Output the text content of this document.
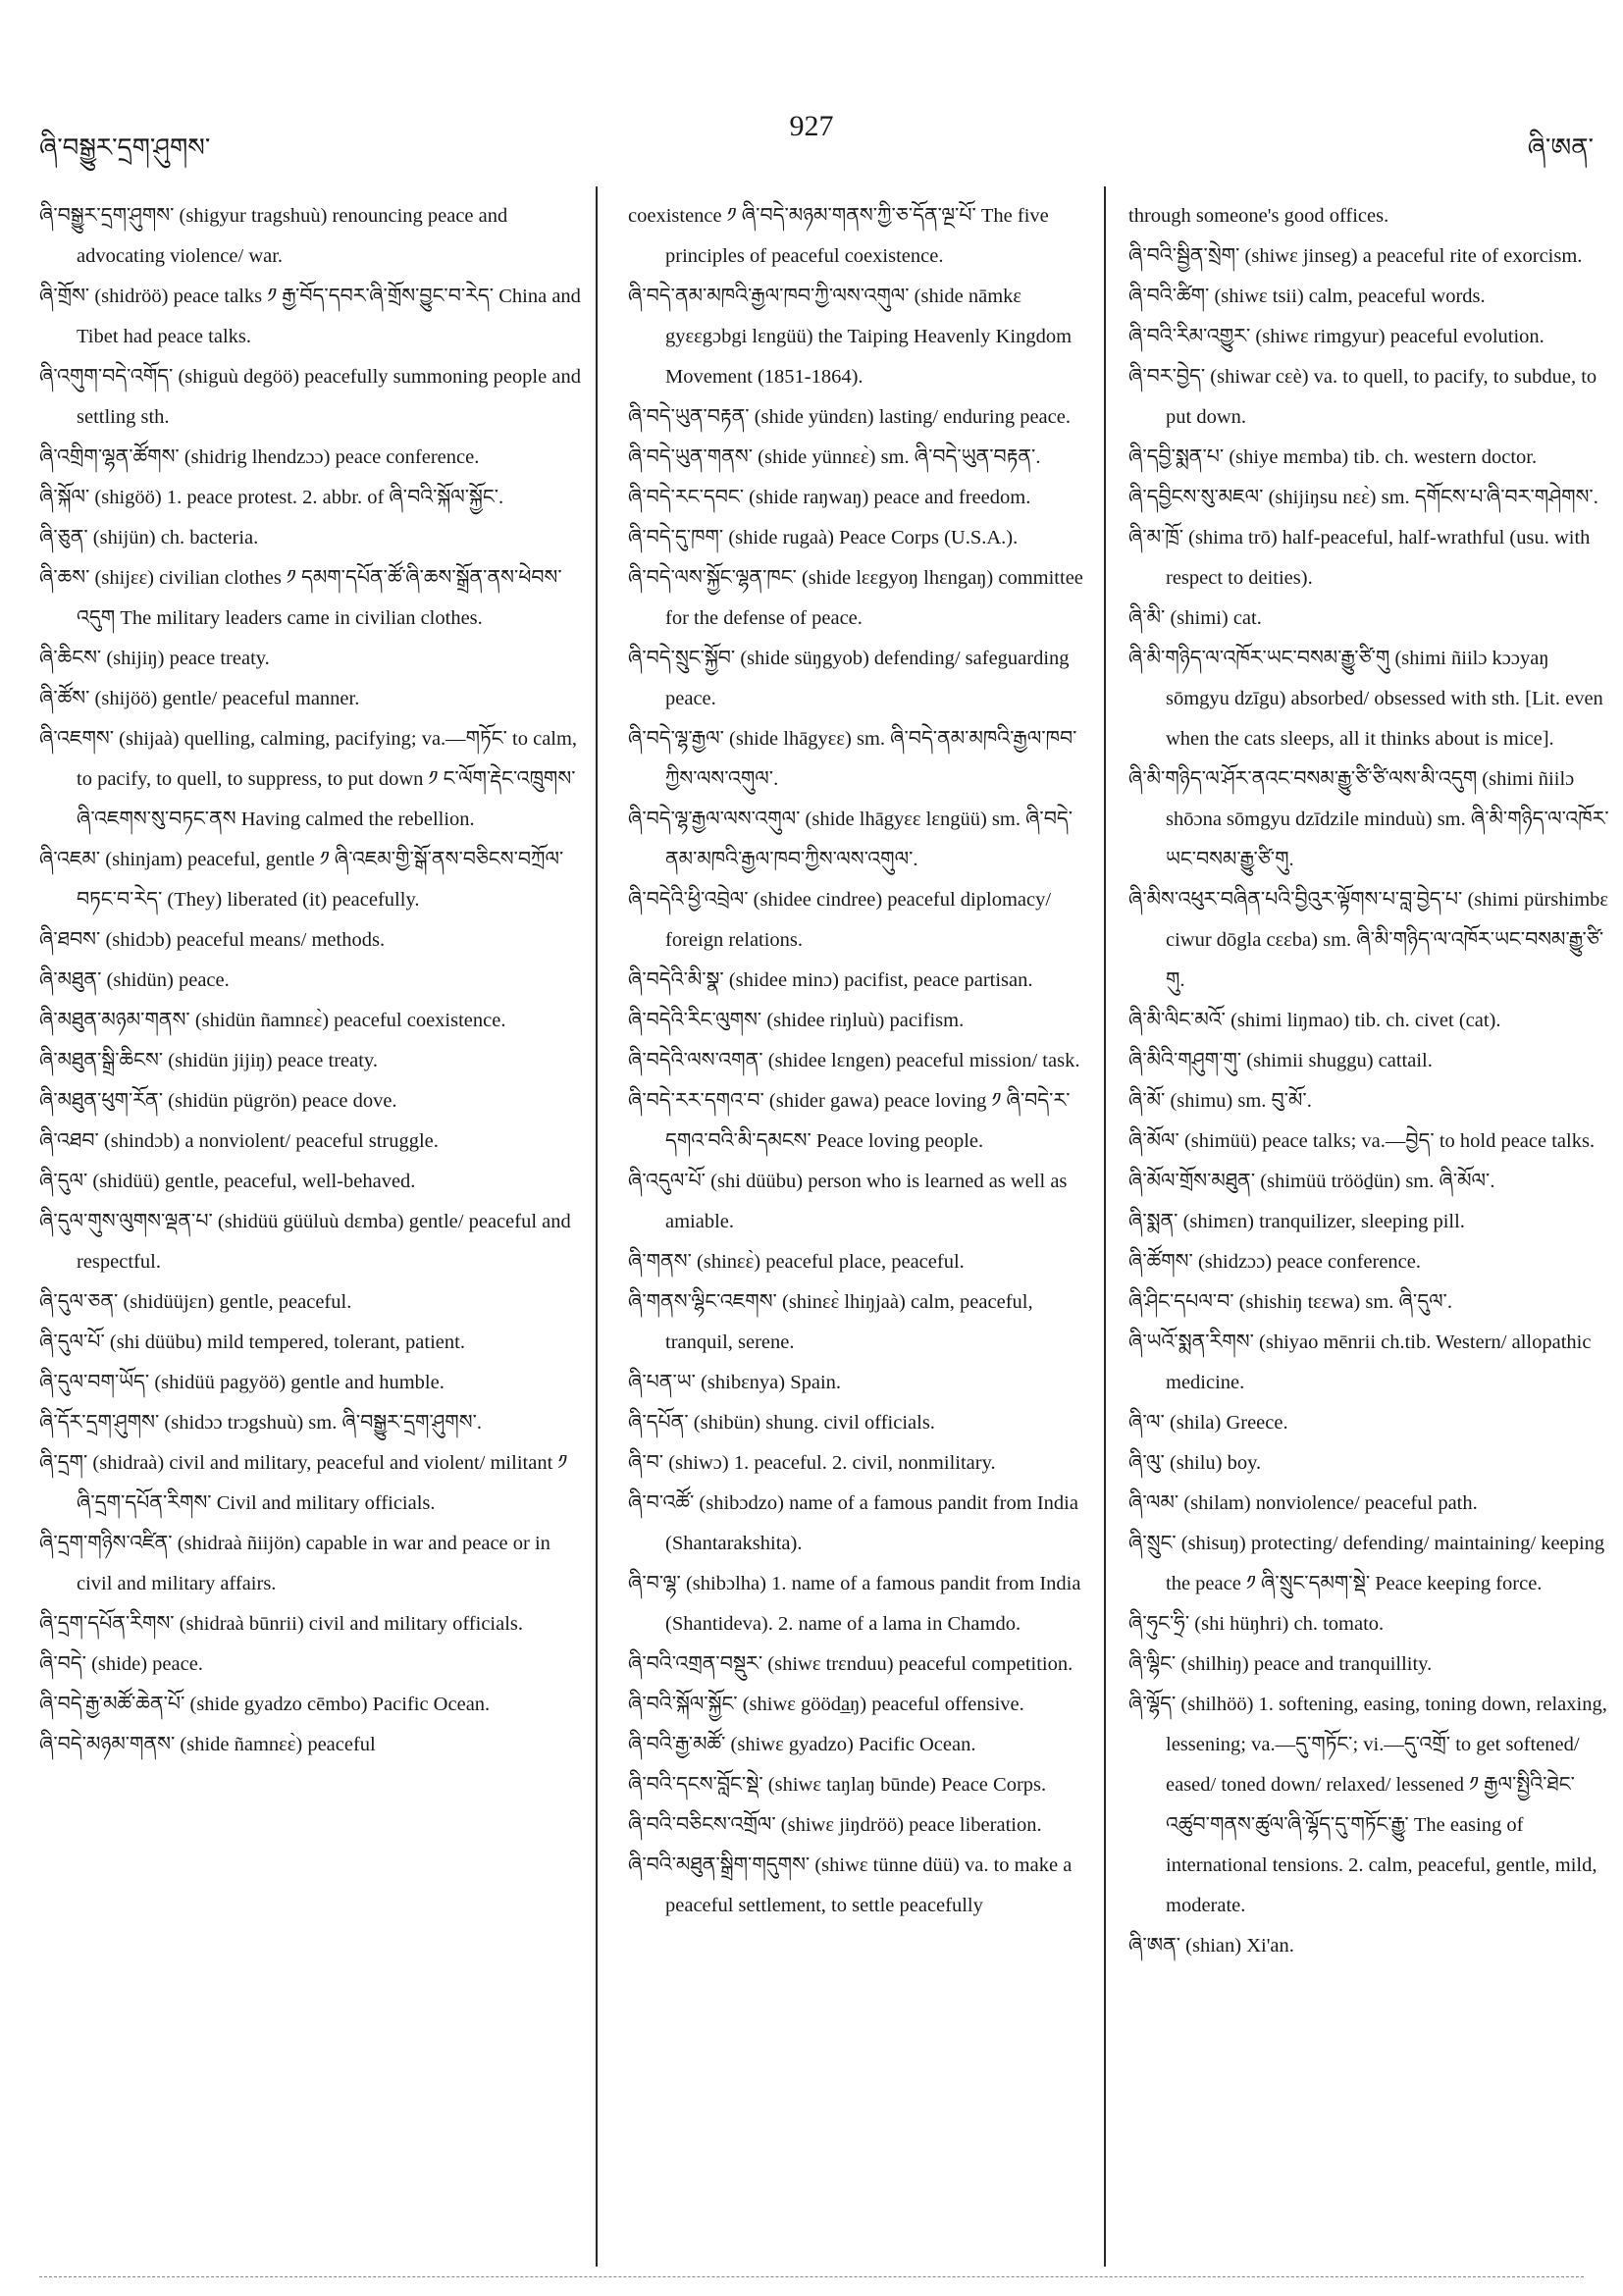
ཞི་བསྒྱུར་དྲག་ཤུགས་
927
ཞི་ཨན་

ཞི་བསྒྱུར་དྲག་ཤུགས་ (shigyur tragshuù) renouncing peace and advocating violence/ war.

ཞི་གྲོས་ (shidröö) peace talks ༡ རྒྱ་བོད་དབར་ཞི་གྲོས་བྱུང་བ་རེད་ China and Tibet had peace talks.

ཞི་འགུག་བདེ་འགོད་ (shiguù degöö) peacefully summoning people and settling sth.

ཞི་འགྲིག་ལྷན་ཚོགས་ (shidrig lhendzɔɔ) peace conference.

ཞི་སྐོལ་ (shigöö) 1. peace protest. 2. abbr. of ཞི་བའི་སྐོལ་སྐྱོང་.

ཞི་ཅུན་ (shijün) ch. bacteria.

ཞི་ཆས་ (shijɛɛ) civilian clothes ༡ དམག་དཔོན་ཚོ་ཞི་ཆས་སྒྲོན་ནས་ཕེབས་འདུག The military leaders came in civilian clothes.

ཞི་ཆིངས་ (shijiŋ) peace treaty.

ཞི་ཚོས་ (shijöö) gentle/ peaceful manner.

ཞི་འཇགས་ (shijaà) quelling, calming, pacifying; va.—གཏོང་ to calm, to pacify, to quell, to suppress, to put down ༡ ང་ལོག་རྡེང་འཁྲུགས་ཞི་འཇགས་སུ་བཏང་ནས Having calmed the rebellion.

ཞི་འཇམ་ (shinjam) peaceful, gentle ༡ ཞི་འཇམ་གྱི་སྒོ་ནས་བཅིངས་བཀྲོལ་བཏང་བ་རེད་ (They) liberated (it) peacefully.

ཞི་ཐབས་ (shidɔb) peaceful means/ methods.

ཞི་མཐུན་ (shidün) peace.

ཞི་མཐུན་མཉམ་གནས་ (shidün ñamnɛɛ̀) peaceful coexistence.

ཞི་མཐུན་སྒྲི་ཆིངས་ (shidün jijiŋ) peace treaty.

ཞི་མཐུན་ཕུག་རོན་ (shidün pügrön) peace dove.

ཞི་འཐབ་ (shindɔb) a nonviolent/ peaceful struggle.

ཞི་དུལ་ (shidüü) gentle, peaceful, well-behaved.

ཞི་དུལ་གུས་ལུགས་ལྡན་པ་ (shidüü güüluù dɛmba) gentle/ peaceful and respectful.

ཞི་དུལ་ཅན་ (shidüüjɛn) gentle, peaceful.

ཞི་དུལ་པོ་ (shi düübu) mild tempered, tolerant, patient.

ཞི་དུལ་བག་ཡོད་ (shidüü pagyöö) gentle and humble.

ཞི་དོར་དྲག་ཤུགས་ (shidɔɔ trɔgshuù) sm. ཞི་བསྒྱུར་དྲག་ཤུགས་.

ཞི་དྲག་ (shidraà) civil and military, peaceful and violent/ militant ༡ ཞི་དྲག་དཔོན་རིགས་ Civil and military officials.

ཞི་དྲག་གཉིས་འཛིན་ (shidraà ñiijön) capable in war and peace or in civil and military affairs.

ཞི་དྲག་དཔོན་རིགས་ (shidraà būnrii) civil and military officials.

ཞི་བདེ་ (shide) peace.

ཞི་བདེ་རྒྱ་མཚོ་ཆེན་པོ་ (shide gyadzo cēmbo) Pacific Ocean.

ཞི་བདེ་མཉམ་གནས་ (shide ñamnɛɛ̀) peaceful

coexistence ༡ ཞི་བདེ་མཉམ་གནས་ཀྱི་ཅ་དོན་ལྔ་པོ་ The five principles of peaceful coexistence.

ཞི་བདེ་ནམ་མཁའི་རྒྱལ་ཁབ་ཀྱི་ལས་འགུལ་ (shide nāmkɛ gyɛɛgɔbgi lɛngüü) the Taiping Heavenly Kingdom Movement (1851-1864).

ཞི་བདེ་ཡུན་བརྟན་ (shide yündɛn) lasting/ enduring peace.

ཞི་བདེ་ཡུན་གནས་ (shide yünnɛɛ̀) sm. ཞི་བདེ་ཡུན་བརྟན་.

ཞི་བདེ་རང་དབང་ (shide raŋwaŋ) peace and freedom.

ཞི་བདེ་དུ་ཁག་ (shide rugaà) Peace Corps (U.S.A.).

ཞི་བདེ་ལས་སྐྱོང་ལྷན་ཁང་ (shide lɛɛgyoŋ lhɛngaŋ) committee for the defense of peace.

ཞི་བདེ་སྲུང་སྐྱོབ་ (shide süŋgyob) defending/ safeguarding peace.

ཞི་བདེ་ལྷ་རྒྱལ་ (shide lhāgyɛɛ) sm. ཞི་བདེ་ནམ་མཁའི་རྒྱལ་ཁབ་ཀྱིས་ལས་འགུལ་.

ཞི་བདེ་ལྷ་རྒྱལ་ལས་འགུལ་ (shide lhāgyɛɛ lɛngüü) sm. ཞི་བདེ་ནམ་མཁའི་རྒྱལ་ཁབ་ཀྱིས་ལས་འགུལ་.

ཞི་བདེའི་ཕྱི་འབྲེལ་ (shidee cindree) peaceful diplomacy/ foreign relations.

ཞི་བདེའི་མི་སྣ་ (shidee minɔ) pacifist, peace partisan.

ཞི་བདེའི་རིང་ལུགས་ (shidee riŋluù) pacifism.

ཞི་བདེའི་ལས་འགན་ (shidee lɛngen) peaceful mission/ task.

ཞི་བདེ་རར་དགའ་བ་ (shider gawa) peace loving ༡ ཞི་བདེ་ར་དགའ་བའི་མི་དམངས་ Peace loving people.

ཞི་འདུལ་པོ་ (shi düübu) person who is learned as well as amiable.

ཞི་གནས་ (shinɛɛ̀) peaceful place, peaceful.

ཞི་གནས་ལྷིང་འཇགས་ (shinɛɛ̀ lhiŋjaà) calm, peaceful, tranquil, serene.

ཞི་པན་ཡ་ (shibɛnya) Spain.

ཞི་དཔོན་ (shibün) shung. civil officials.

ཞི་བ་ (shiwɔ) 1. peaceful. 2. civil, nonmilitary.

ཞི་བ་འཚོ་ (shibɔdzo) name of a famous pandit from India (Shantarakshita).

ཞི་བ་ལྷ་ (shibɔlha) 1. name of a famous pandit from India (Shantideva). 2. name of a lama in Chamdo.

ཞི་བའི་འགྲན་བསྡུར་ (shiwɛ trɛnduu) peaceful competition.

ཞི་བའི་སྐོལ་སྐྱོང་ (shiwɛ gööda̲ŋ) peaceful offensive.

ཞི་བའི་རྒྱ་མཚོ་ (shiwɛ gyadzo) Pacific Ocean.

ཞི་བའི་དངས་བློང་སྡེ་ (shiwɛ taŋlaŋ būnde) Peace Corps.

ཞི་བའི་བཅིངས་འགྲོལ་ (shiwɛ jiŋdröö) peace liberation.

ཞི་བའི་མཐུན་སྒྲིག་གདུགས་ (shiwɛ tünne düü) va. to make a peaceful settlement, to settle peacefully

through someone's good offices.

ཞི་བའི་སྦྱིན་སྲེག་ (shiwɛ jinseg) a peaceful rite of exorcism.

ཞི་བའི་ཚིག་ (shiwɛ tsii) calm, peaceful words.

ཞི་བའི་རིམ་འགྱུར་ (shiwɛ rimgyur) peaceful evolution.

ཞི་བར་བྱེད་ (shiwar cɛè) va. to quell, to pacify, to subdue, to put down.

ཞི་དབྱི་སྨན་པ་ (shiye mɛmba) tib. ch. western doctor.

ཞི་དབྱིངས་སུ་མཇལ་ (shijiŋsu nɛɛ̀) sm. དགོངས་པ་ཞི་བར་གཤེགས་.

ཞི་མ་ཁྲོ་ (shima trō) half-peaceful, half-wrathful (usu. with respect to deities).

ཞི་མི་ (shimi) cat.

ཞི་མི་གཉིད་ལ་འཁོར་ཡང་བསམ་རྒྱུ་ཙི་གུ (shimi ñiilɔ kɔɔyaŋ sōmgyu dzīgu) absorbed/ obsessed with sth. [Lit. even when the cats sleeps, all it thinks about is mice].

ཞི་མི་གཉིད་ལ་ཤོར་ནའང་བསམ་རྒྱུ་ཙི་ཙི་ལས་མི་འདུག (shimi ñiilɔ shōɔna sōmgyu dzīdzile minduù) sm. ཞི་མི་གཉིད་ལ་འཁོར་ཡང་བསམ་རྒྱུ་ཙི་གུ.

ཞི་མིས་འཕུར་བཞིན་པའི་བྱིའུར་ལྟོགས་པ་བླ་བྱེད་པ་ (shimi pürshimbɛ ciwur dōgla cɛɛba) sm. ཞི་མི་གཉིད་ལ་འཁོར་ཡང་བསམ་རྒྱུ་ཙི་གུ.

ཞི་མི་ལིང་མའོ་ (shimi liŋmao) tib. ch. civet (cat).

ཞི་མིའི་གཤུག་གུ་ (shimii shuggu) cattail.

ཞི་མོ་ (shimu) sm. བུ་མོ་.

ཞི་མོལ་ (shimüü) peace talks; va.—བྱེད་ to hold peace talks.

ཞི་མོལ་གྲོས་མཐུན་ (shimüü trööḏün) sm. ཞི་མོལ་.

ཞི་སྨན་ (shimɛn) tranquilizer, sleeping pill.

ཞི་ཚོགས་ (shidzɔɔ) peace conference.

ཞི་ཤིང་དཔལ་བ་ (shishiŋ tɛɛwa) sm. ཞི་དུལ་.

ཞི་ཡའོ་སྨན་རིགས་ (shiyao mēnrii ch.tib. Western/ allopathic medicine.

ཞི་ལ་ (shila) Greece.

ཞི་ལུ་ (shilu) boy.

ཞི་ལམ་ (shilam) nonviolence/ peaceful path.

ཞི་སྲུང་ (shisuŋ) protecting/ defending/ maintaining/ keeping the peace ༡ ཞི་སྲུང་དམག་སྡེ་ Peace keeping force.

ཞི་ཧུང་ཧྲི་ (shi hüŋhri) ch. tomato.

ཞི་ལྷིང་ (shilhiŋ) peace and tranquillity.

ཞི་ལྷོད་ (shilhöö) 1. softening, easing, toning down, relaxing, lessening; va.—དུ་གཏོང་; vi.—དུ་འགྲོ་ to get softened/ eased/ toned down/ relaxed/ lessened ༡ རྒྱལ་སྤྱིའི་ཐེང་འཚུབ་གནས་ཚུལ་ཞི་ལྷོད་དུ་གཏོང་རྒྱུ་ The easing of international tensions. 2. calm, peaceful, gentle, mild, moderate.

ཞི་ཨན་ (shian) Xi'an.
